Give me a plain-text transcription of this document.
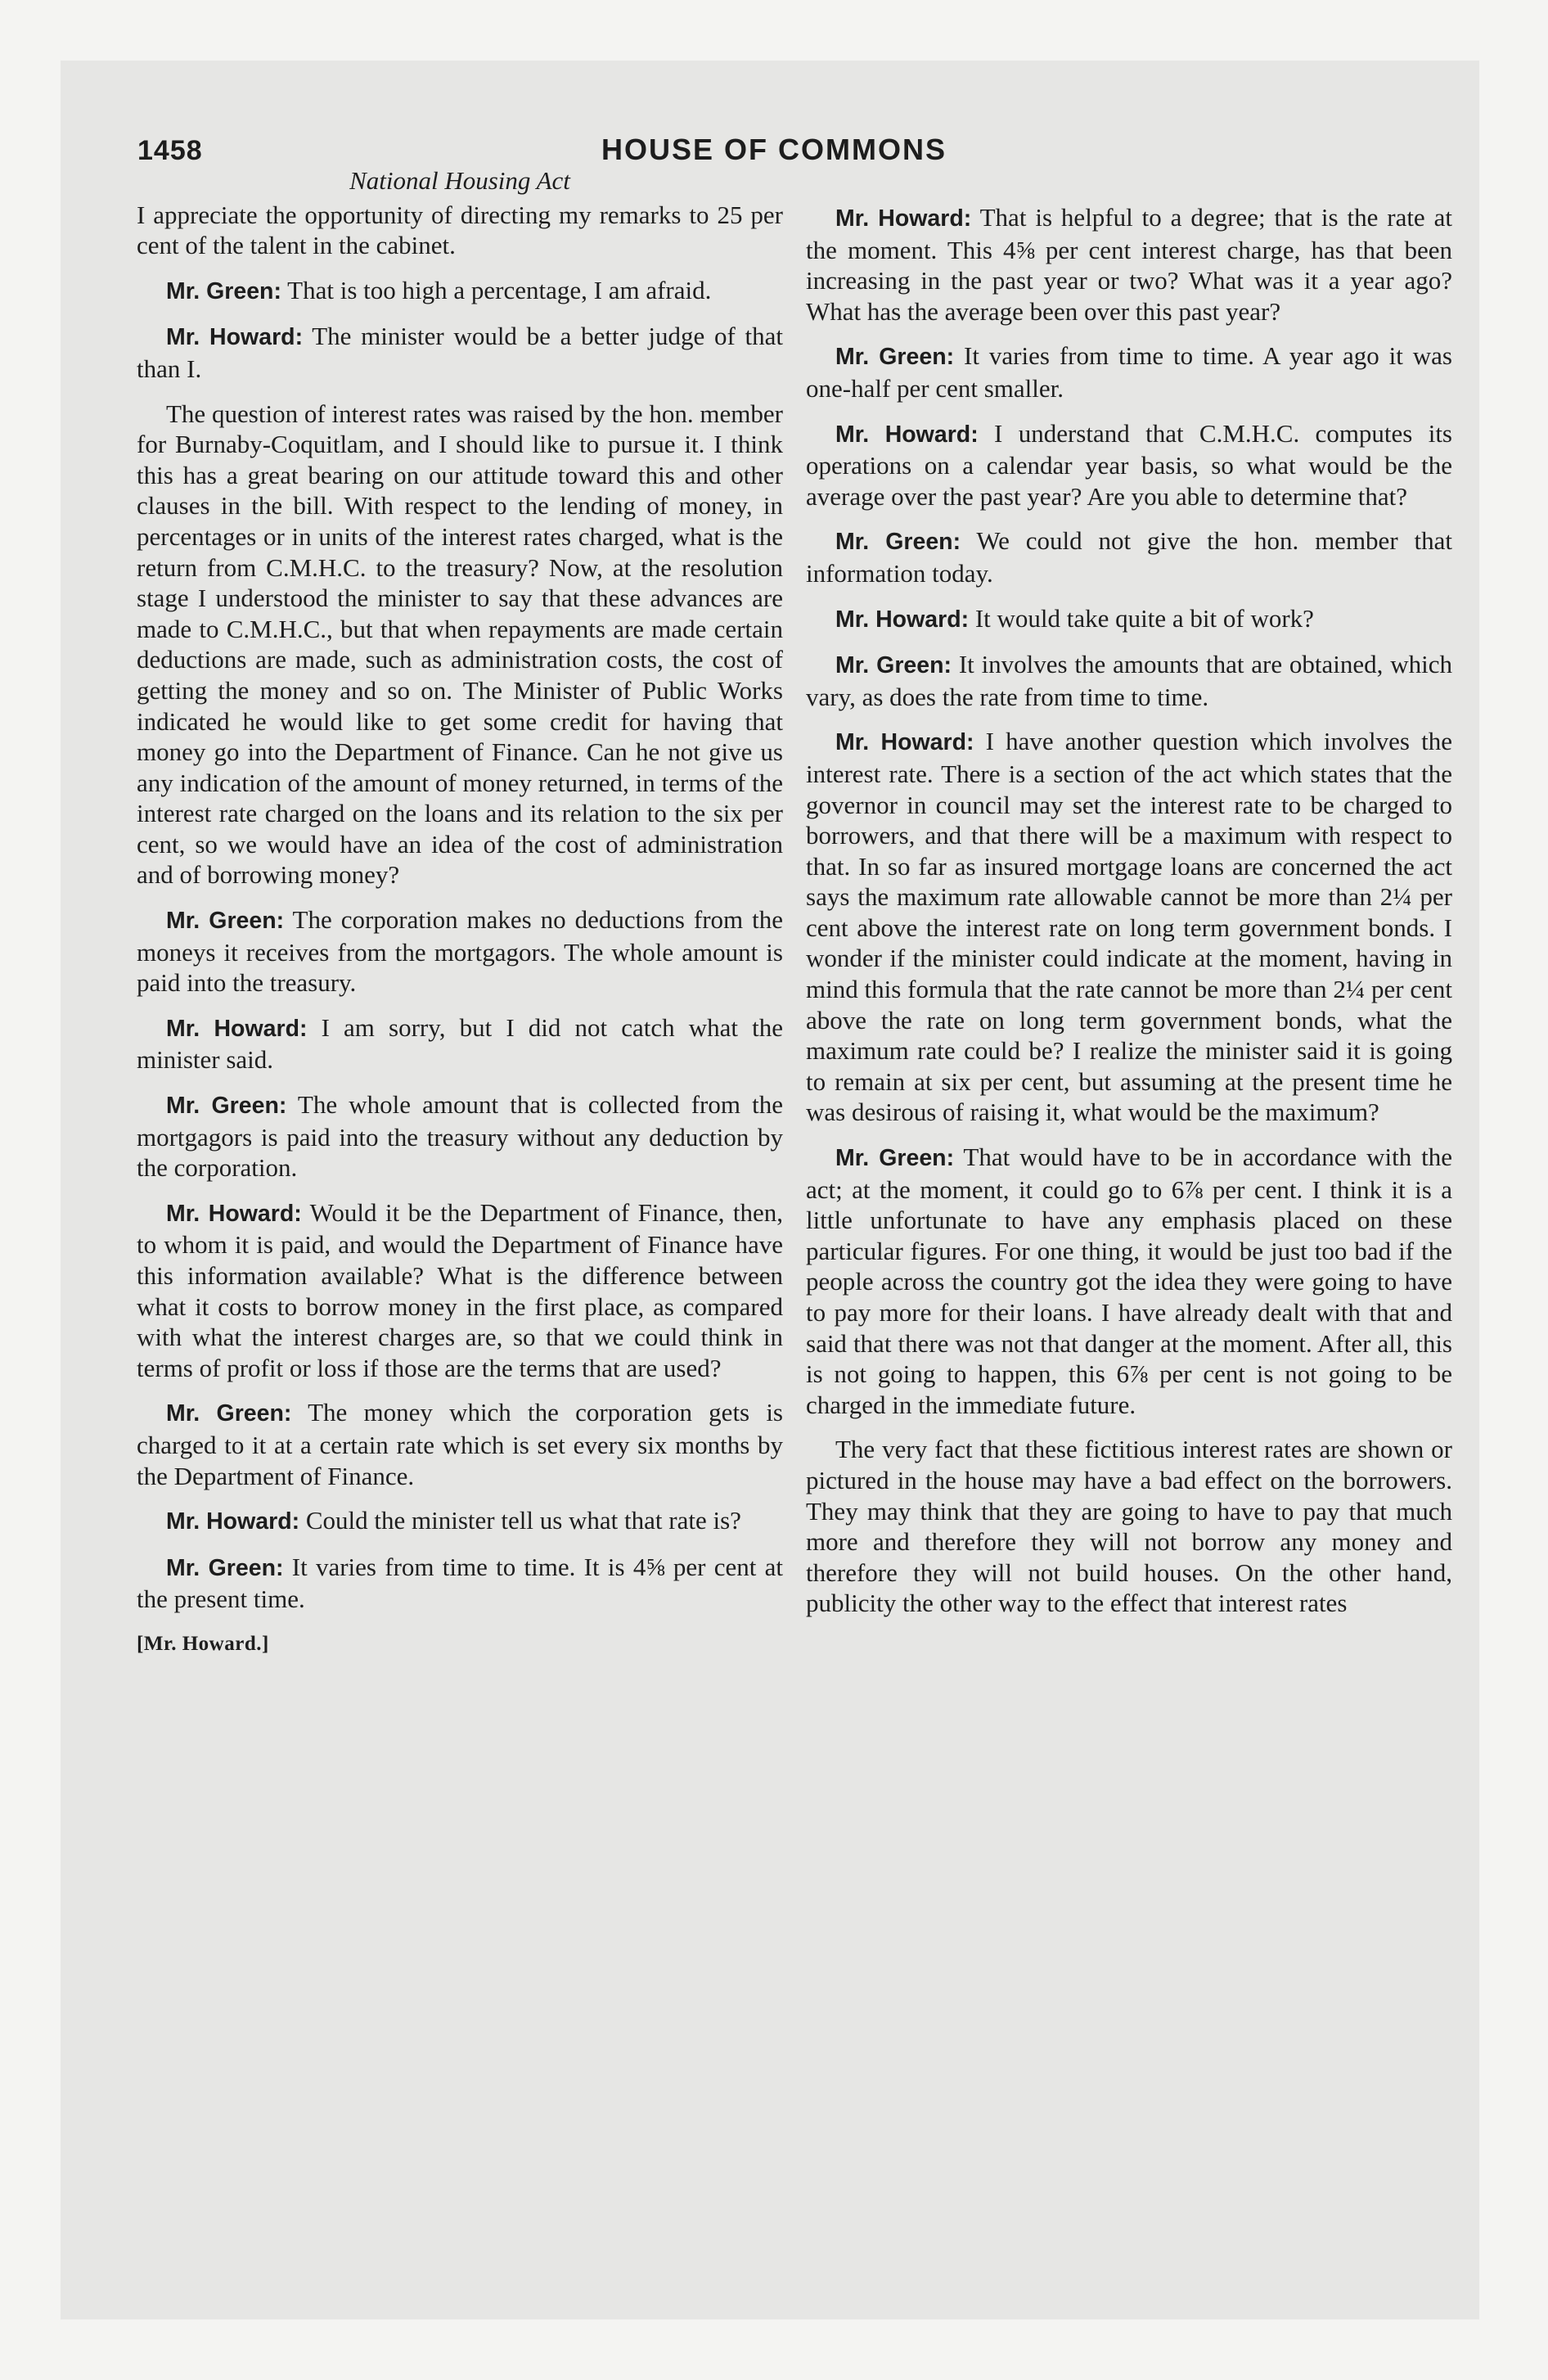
1458	HOUSE OF COMMONS

National Housing Act

I appreciate the opportunity of directing my remarks to 25 per cent of the talent in the cabinet.

Mr. Green: That is too high a percentage, I am afraid.

Mr. Howard: The minister would be a better judge of that than I.

The question of interest rates was raised by the hon. member for Burnaby-Coquitlam, and I should like to pursue it. I think this has a great bearing on our attitude toward this and other clauses in the bill. With respect to the lending of money, in percentages or in units of the interest rates charged, what is the return from C.M.H.C. to the treasury? Now, at the resolution stage I understood the minister to say that these advances are made to C.M.H.C., but that when repayments are made certain deductions are made, such as administration costs, the cost of getting the money and so on. The Minister of Public Works indicated he would like to get some credit for having that money go into the Department of Finance. Can he not give us any indication of the amount of money returned, in terms of the interest rate charged on the loans and its relation to the six per cent, so we would have an idea of the cost of administration and of borrowing money?

Mr. Green: The corporation makes no deductions from the moneys it receives from the mortgagors. The whole amount is paid into the treasury.

Mr. Howard: I am sorry, but I did not catch what the minister said.

Mr. Green: The whole amount that is collected from the mortgagors is paid into the treasury without any deduction by the corporation.

Mr. Howard: Would it be the Department of Finance, then, to whom it is paid, and would the Department of Finance have this information available? What is the difference between what it costs to borrow money in the first place, as compared with what the interest charges are, so that we could think in terms of profit or loss if those are the terms that are used?

Mr. Green: The money which the corporation gets is charged to it at a certain rate which is set every six months by the Department of Finance.

Mr. Howard: Could the minister tell us what that rate is?

Mr. Green: It varies from time to time. It is 4⅝ per cent at the present time.

[Mr. Howard.]

Mr. Howard: That is helpful to a degree; that is the rate at the moment. This 4⅝ per cent interest charge, has that been increasing in the past year or two? What was it a year ago? What has the average been over this past year?

Mr. Green: It varies from time to time. A year ago it was one-half per cent smaller.

Mr. Howard: I understand that C.M.H.C. computes its operations on a calendar year basis, so what would be the average over the past year? Are you able to determine that?

Mr. Green: We could not give the hon. member that information today.

Mr. Howard: It would take quite a bit of work?

Mr. Green: It involves the amounts that are obtained, which vary, as does the rate from time to time.

Mr. Howard: I have another question which involves the interest rate. There is a section of the act which states that the governor in council may set the interest rate to be charged to borrowers, and that there will be a maximum with respect to that. In so far as insured mortgage loans are concerned the act says the maximum rate allowable cannot be more than 2¼ per cent above the interest rate on long term government bonds. I wonder if the minister could indicate at the moment, having in mind this formula that the rate cannot be more than 2¼ per cent above the rate on long term government bonds, what the maximum rate could be? I realize the minister said it is going to remain at six per cent, but assuming at the present time he was desirous of raising it, what would be the maximum?

Mr. Green: That would have to be in accordance with the act; at the moment, it could go to 6⅞ per cent. I think it is a little unfortunate to have any emphasis placed on these particular figures. For one thing, it would be just too bad if the people across the country got the idea they were going to have to pay more for their loans. I have already dealt with that and said that there was not that danger at the moment. After all, this is not going to happen, this 6⅞ per cent is not going to be charged in the immediate future.

The very fact that these fictitious interest rates are shown or pictured in the house may have a bad effect on the borrowers. They may think that they are going to have to pay that much more and therefore they will not borrow any money and therefore they will not build houses. On the other hand, publicity the other way to the effect that interest rates
